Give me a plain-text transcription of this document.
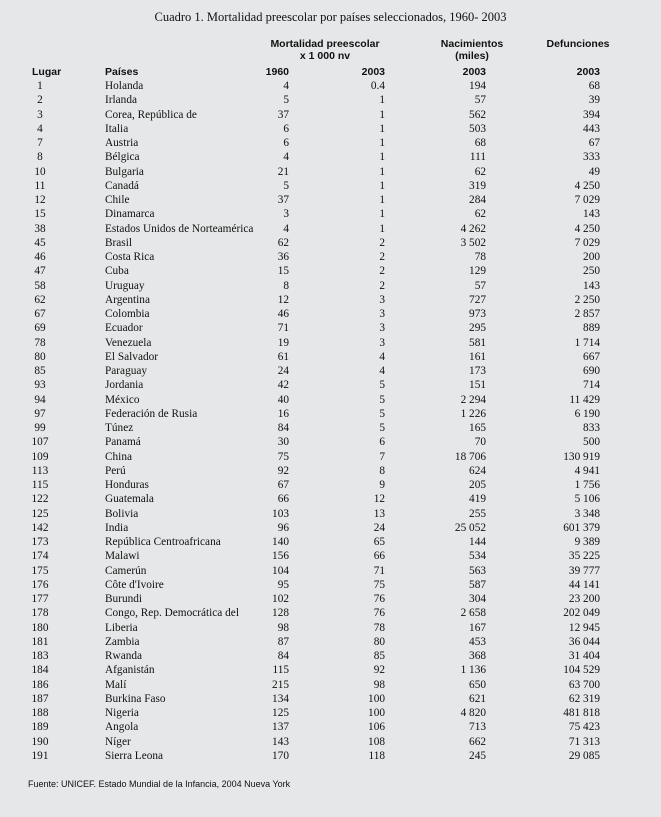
Cuadro 1. Mortalidad preescolar por países seleccionados, 1960- 2003
Mortalidad preescolar
x 1 000 nv
Nacimientos
(miles)
Defunciones
Lugar	Países	1960	2003	2003	2003
1	Holanda	4	0.4	194	68
2	Irlanda	5	1	57	39
3	Corea, República de	37	1	562	394
4	Italia	6	1	503	443
7	Austria	6	1	68	67
8	Bélgica	4	1	111	333
10	Bulgaria	21	1	62	49
11	Canadá	5	1	319	4 250
12	Chile	37	1	284	7 029
15	Dinamarca	3	1	62	143
38	Estados Unidos de Norteamérica	4	1	4 262	4 250
45	Brasil	62	2	3 502	7 029
46	Costa Rica	36	2	78	200
47	Cuba	15	2	129	250
58	Uruguay	8	2	57	143
62	Argentina	12	3	727	2 250
67	Colombia	46	3	973	2 857
69	Ecuador	71	3	295	889
78	Venezuela	19	3	581	1 714
80	El Salvador	61	4	161	667
85	Paraguay	24	4	173	690
93	Jordania	42	5	151	714
94	México	40	5	2 294	11 429
97	Federación de Rusia	16	5	1 226	6 190
99	Túnez	84	5	165	833
107	Panamá	30	6	70	500
109	China	75	7	18 706	130 919
113	Perú	92	8	624	4 941
115	Honduras	67	9	205	1 756
122	Guatemala	66	12	419	5 106
125	Bolivia	103	13	255	3 348
142	India	96	24	25 052	601 379
173	República Centroafricana	140	65	144	9 389
174	Malawi	156	66	534	35 225
175	Camerún	104	71	563	39 777
176	Côte d'Ivoire	95	75	587	44 141
177	Burundi	102	76	304	23 200
178	Congo, Rep. Democrática del	128	76	2 658	202 049
180	Liberia	98	78	167	12 945
181	Zambia	87	80	453	36 044
183	Rwanda	84	85	368	31 404
184	Afganistán	115	92	1 136	104 529
186	Malí	215	98	650	63 700
187	Burkina Faso	134	100	621	62 319
188	Nigeria	125	100	4 820	481 818
189	Angola	137	106	713	75 423
190	Níger	143	108	662	71 313
191	Sierra Leona	170	118	245	29 085
Fuente: UNICEF. Estado Mundial de la Infancia, 2004 Nueva York
